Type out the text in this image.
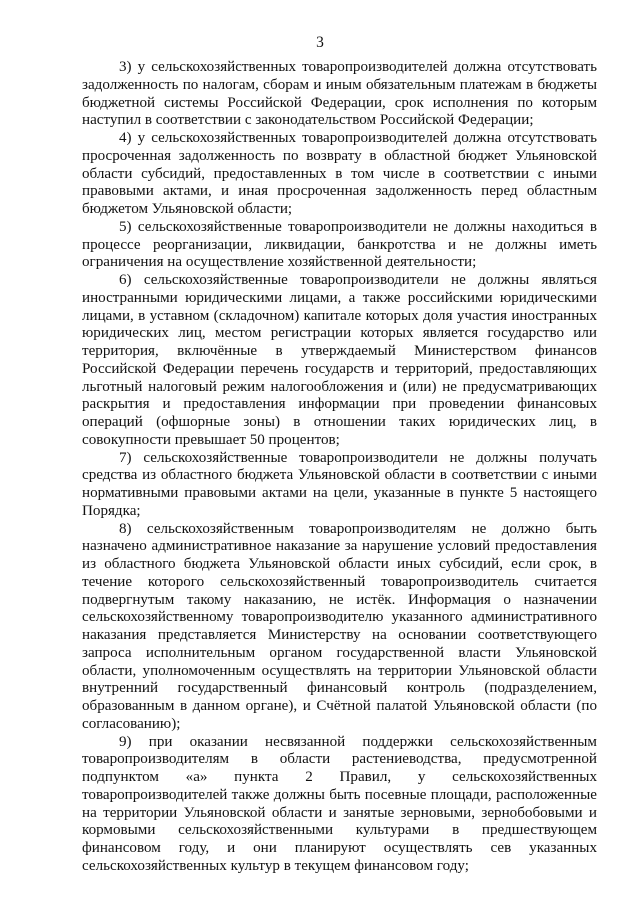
3

3) у сельскохозяйственных товаропроизводителей должна отсутствовать задолженность по налогам, сборам и иным обязательным платежам в бюджеты бюджетной системы Российской Федерации, срок исполнения по которым наступил в соответствии с законодательством Российской Федерации;

4) у сельскохозяйственных товаропроизводителей должна отсутствовать просроченная задолженность по возврату в областной бюджет Ульяновской области субсидий, предоставленных в том числе в соответствии с иными правовыми актами, и иная просроченная задолженность перед областным бюджетом Ульяновской области;

5) сельскохозяйственные товаропроизводители не должны находиться в процессе реорганизации, ликвидации, банкротства и не должны иметь ограничения на осуществление хозяйственной деятельности;

6) сельскохозяйственные товаропроизводители не должны являться иностранными юридическими лицами, а также российскими юридическими лицами, в уставном (складочном) капитале которых доля участия иностранных юридических лиц, местом регистрации которых является государство или территория, включённые в утверждаемый Министерством финансов Российской Федерации перечень государств и территорий, предоставляющих льготный налоговый режим налогообложения и (или) не предусматривающих раскрытия и предоставления информации при проведении финансовых операций (офшорные зоны) в отношении таких юридических лиц, в совокупности превышает 50 процентов;

7) сельскохозяйственные товаропроизводители не должны получать средства из областного бюджета Ульяновской области в соответствии с иными нормативными правовыми актами на цели, указанные в пункте 5 настоящего Порядка;

8) сельскохозяйственным товаропроизводителям не должно быть назначено административное наказание за нарушение условий предоставления из областного бюджета Ульяновской области иных субсидий, если срок, в течение которого сельскохозяйственный товаропроизводитель считается подвергнутым такому наказанию, не истёк. Информация о назначении сельскохозяйственному товаропроизводителю указанного административного наказания представляется Министерству на основании соответствующего запроса исполнительным органом государственной власти Ульяновской области, уполномоченным осуществлять на территории Ульяновской области внутренний государственный финансовый контроль (подразделением, образованным в данном органе), и Счётной палатой Ульяновской области (по согласованию);

9) при оказании несвязанной поддержки сельскохозяйственным товаропроизводителям в области растениеводства, предусмотренной подпунктом «а» пункта 2 Правил, у сельскохозяйственных товаропроизводителей также должны быть посевные площади, расположенные на территории Ульяновской области и занятые зерновыми, зернобобовыми и кормовыми сельскохозяйственными культурами в предшествующем финансовом году, и они планируют осуществлять сев указанных сельскохозяйственных культур в текущем финансовом году;
